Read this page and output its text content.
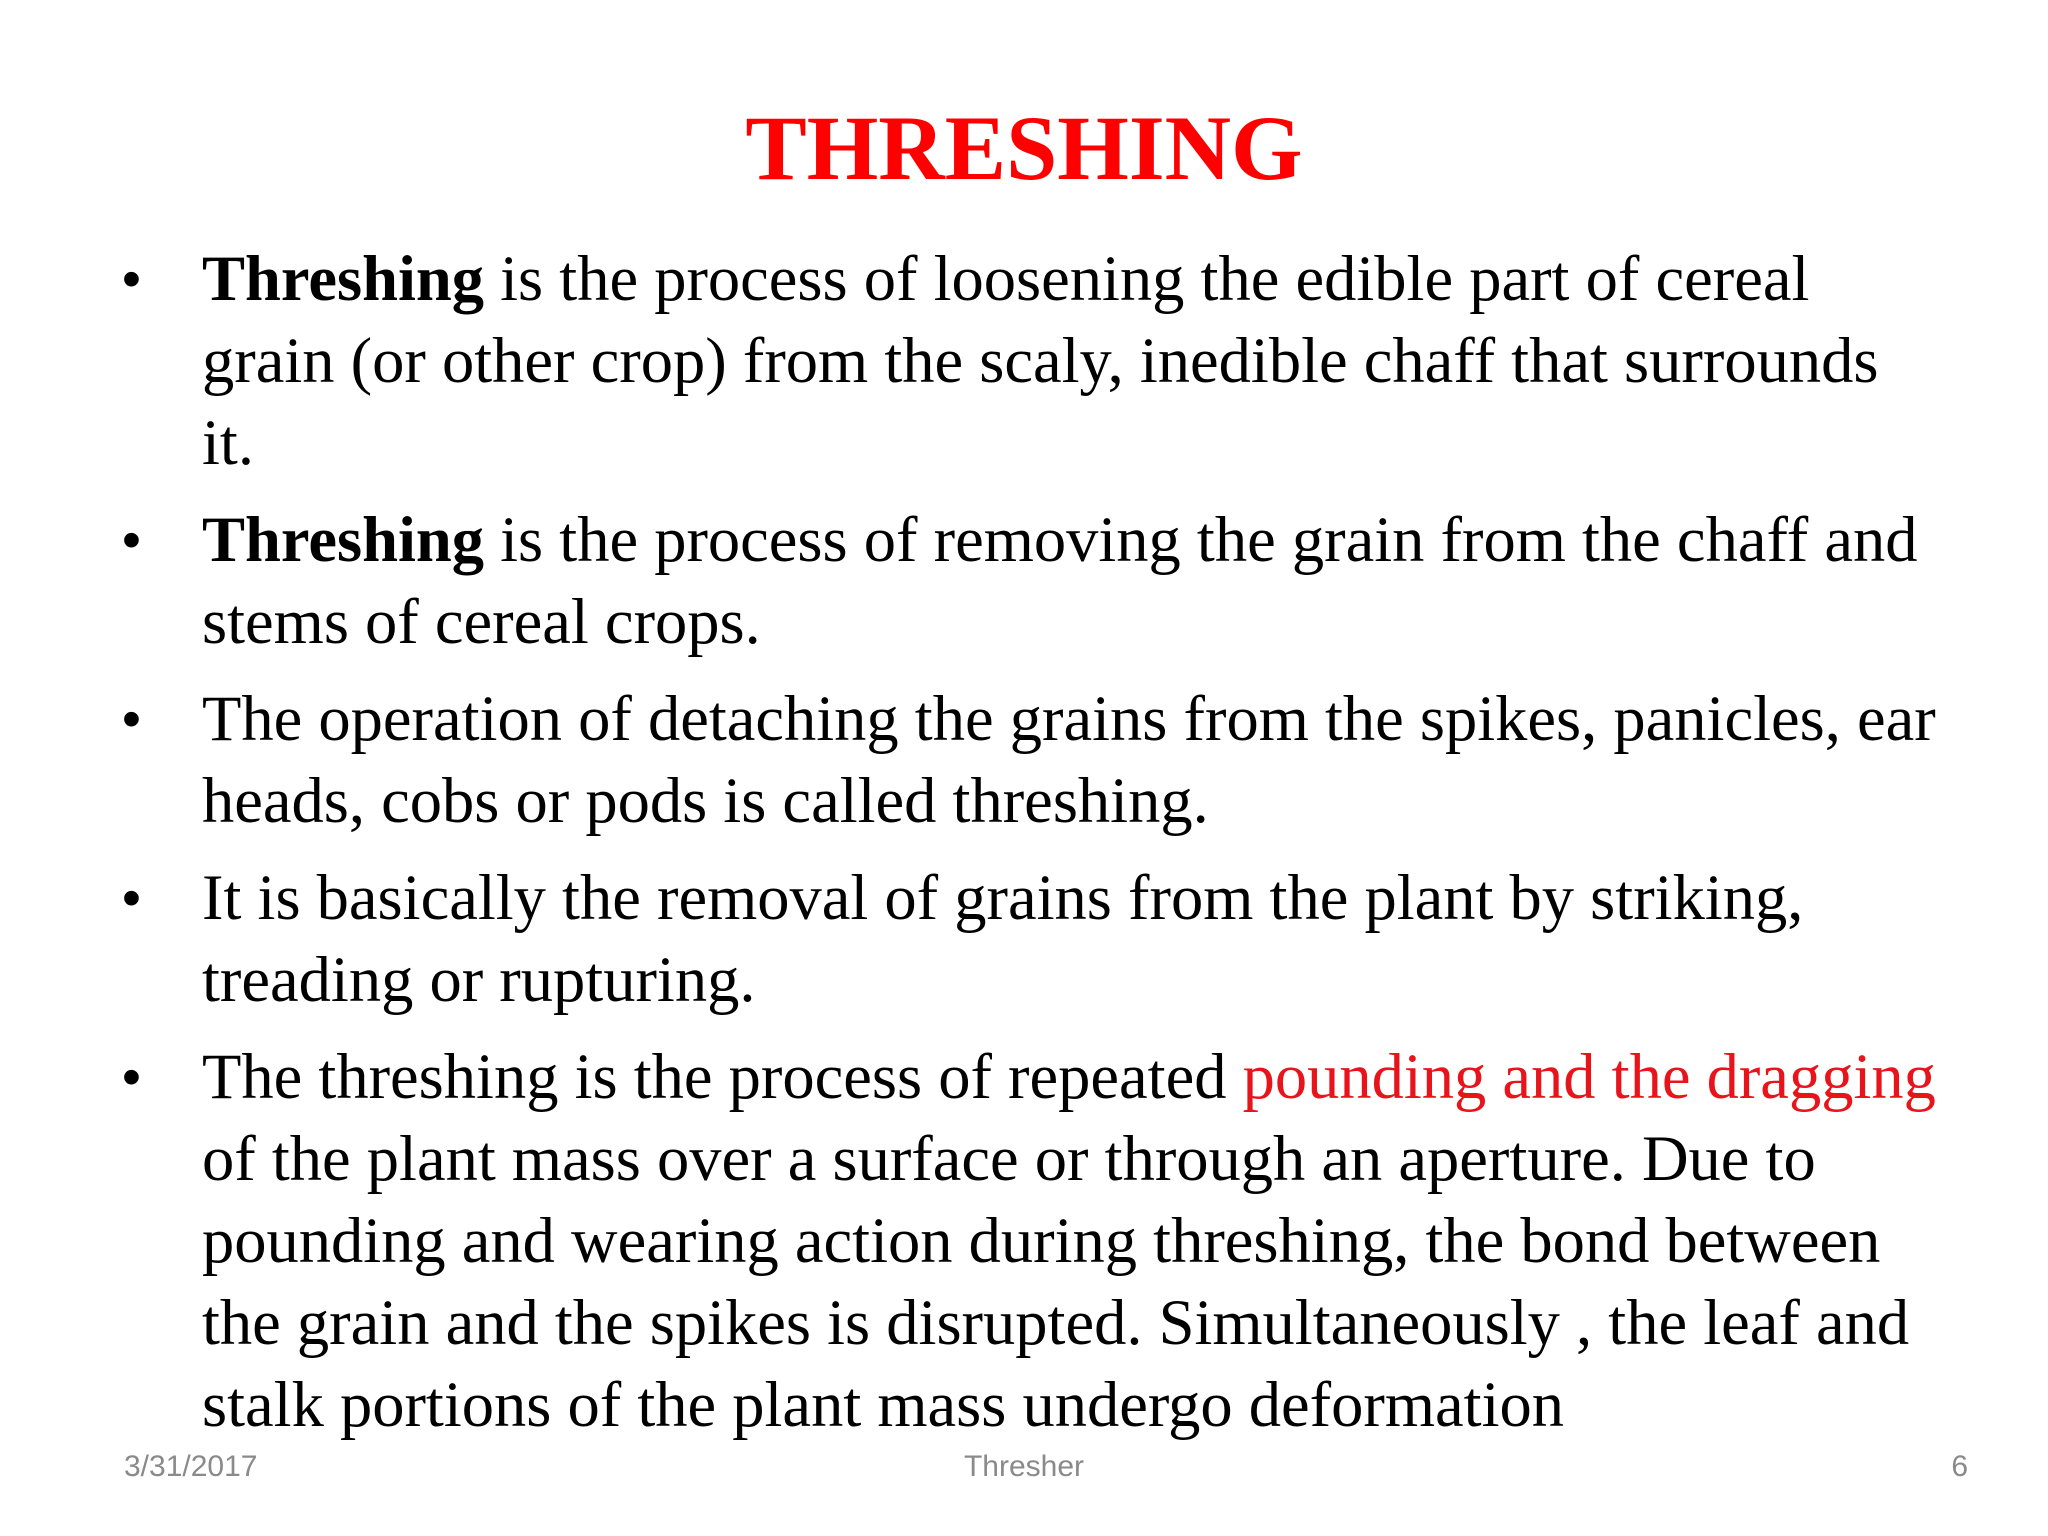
THRESHING
• Threshing is the process of loosening the edible part of cereal grain (or other crop) from the scaly, inedible chaff that surrounds it.
• Threshing is the process of removing the grain from the chaff and stems of cereal crops.
• The operation of detaching the grains from the spikes, panicles, ear heads, cobs or pods is called threshing.
• It is basically the removal of grains from the plant by striking, treading or rupturing.
• The threshing is the process of repeated pounding and the dragging of the plant mass over a surface or through an aperture. Due to pounding and wearing action during threshing, the bond between the grain and the spikes is disrupted. Simultaneously , the leaf and stalk portions of the plant mass undergo deformation
3/31/2017	Thresher	6
